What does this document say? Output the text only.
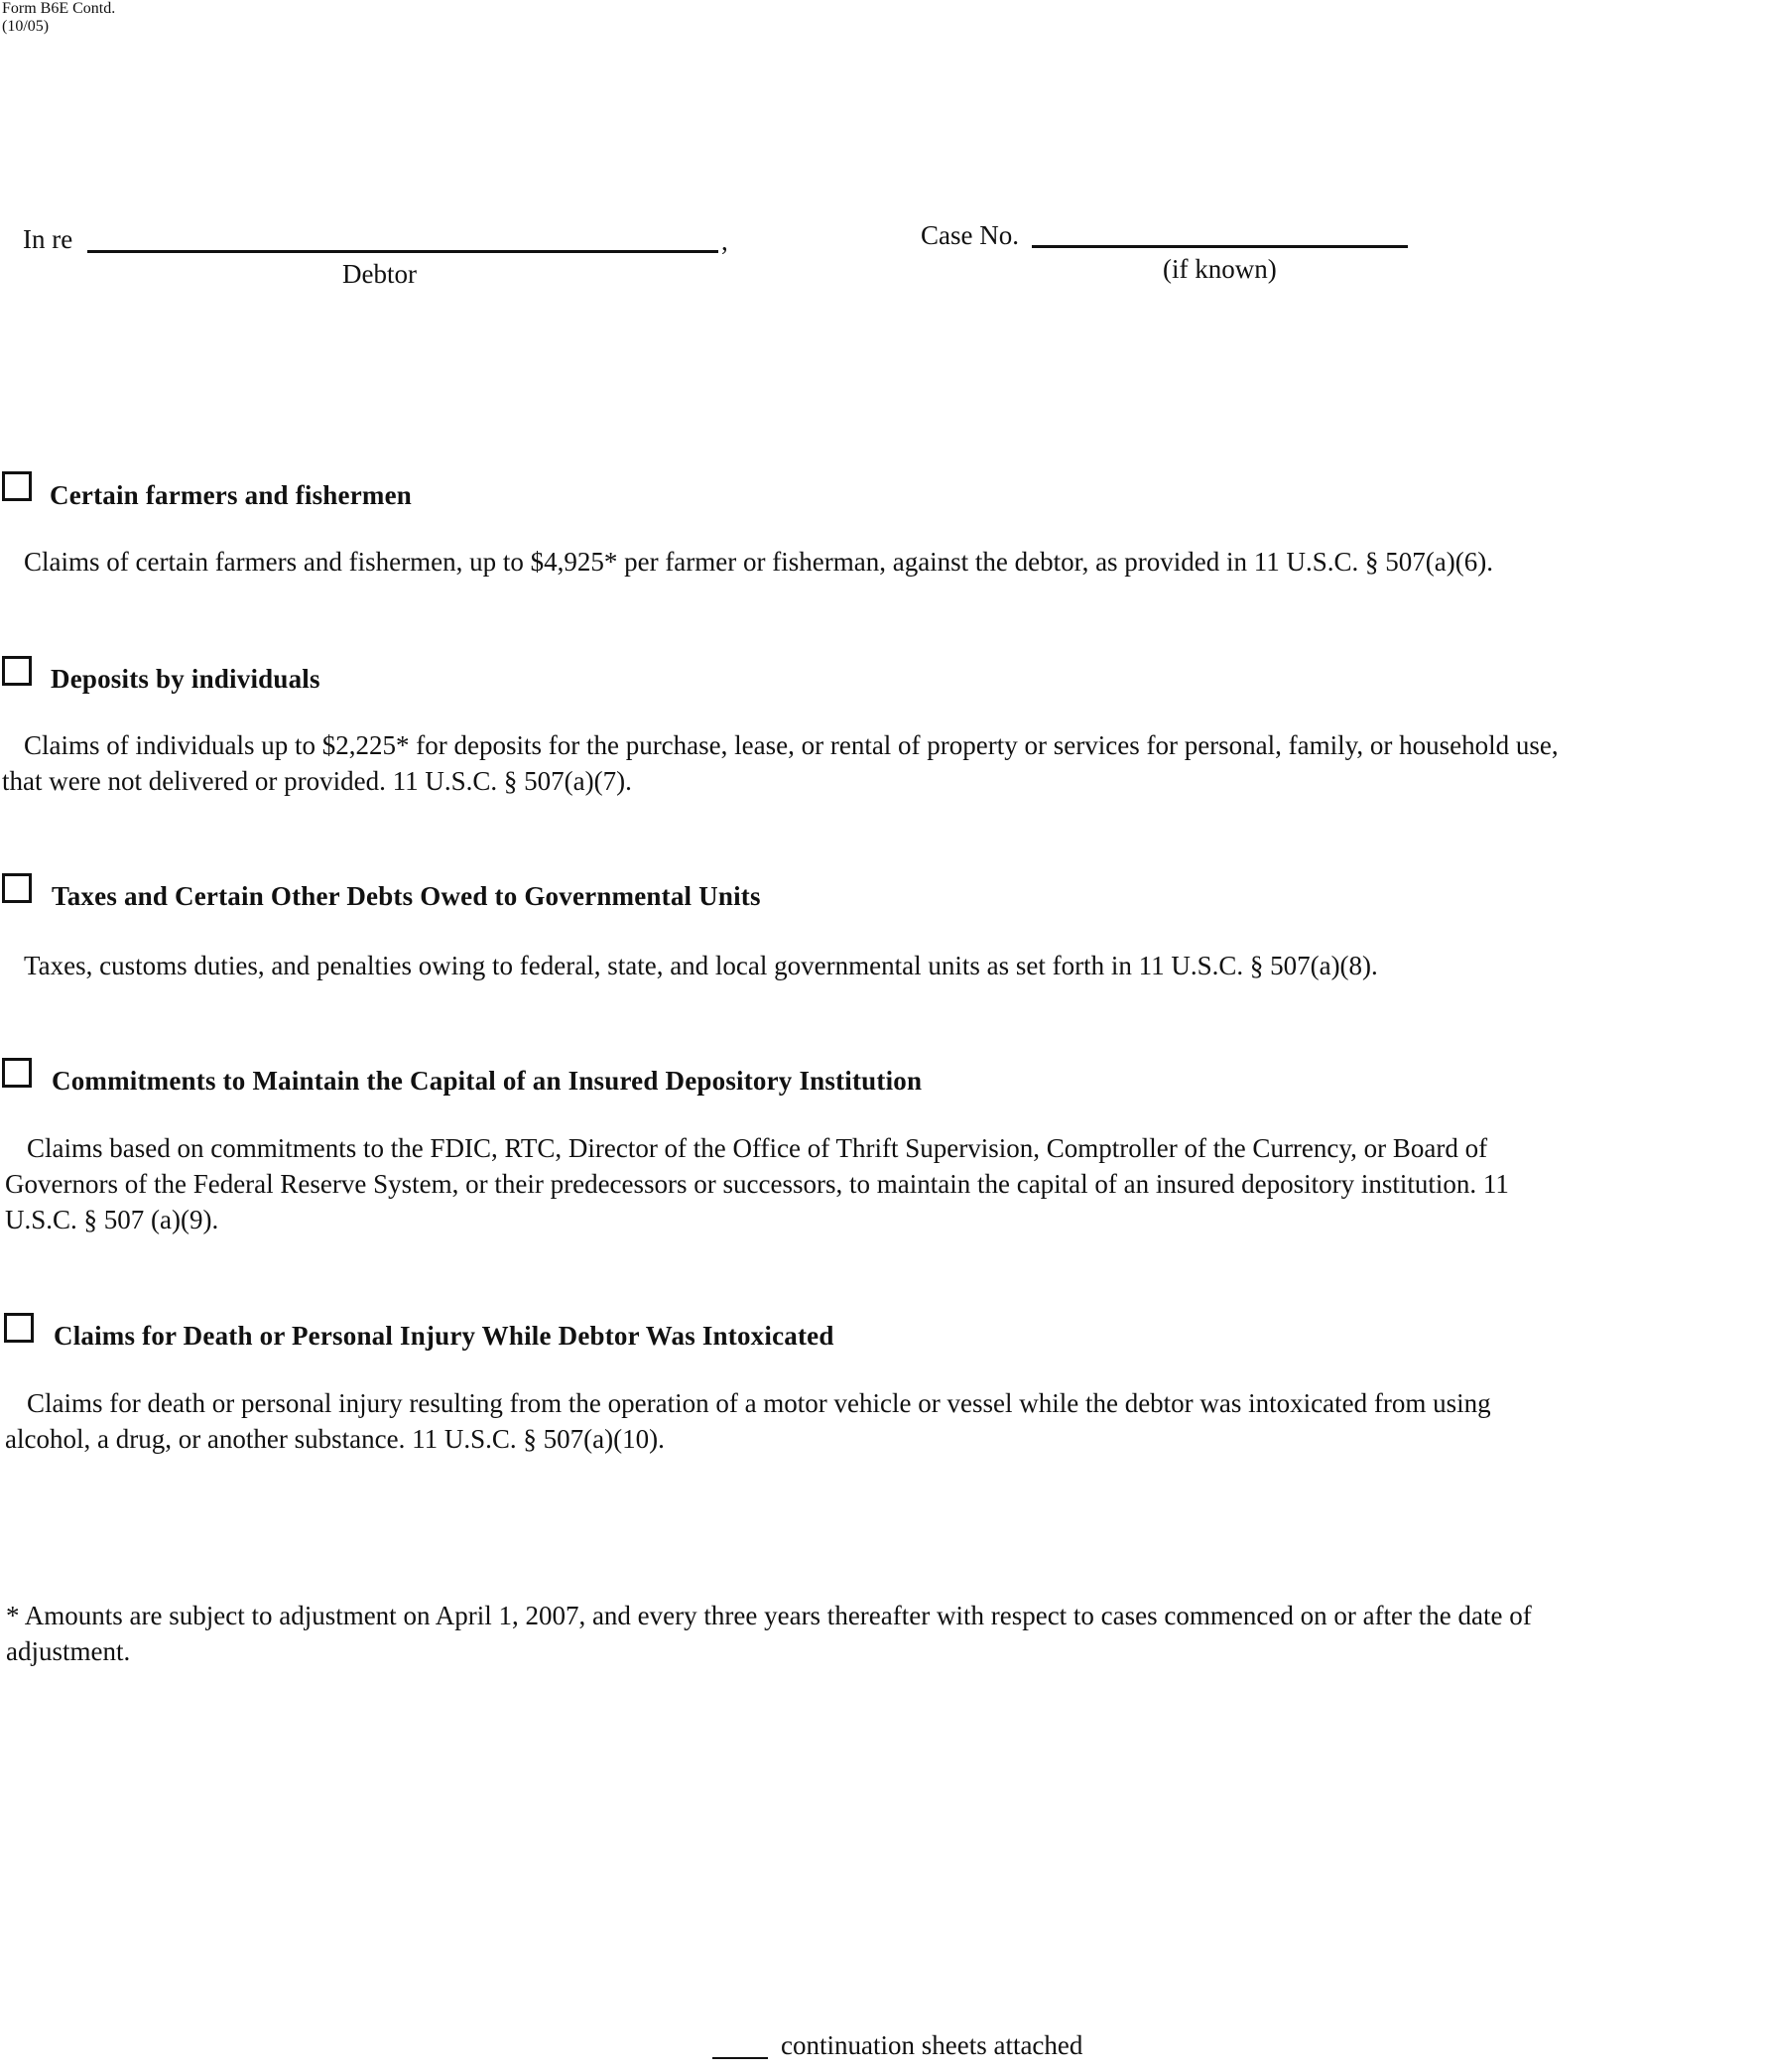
Form B6E Contd.
(10/05)
In re	,
Debtor
Case No.
(if known)
Certain farmers and fishermen

Claims of certain farmers and fishermen, up to $4,925* per farmer or fisherman, against the debtor, as provided in 11 U.S.C. § 507(a)(6).

Deposits by individuals

Claims of individuals up to $2,225* for deposits for the purchase, lease, or rental of property or services for personal, family, or household use,

that were not delivered or provided. 11 U.S.C. § 507(a)(7).

Taxes and Certain Other Debts Owed to Governmental Units

Taxes, customs duties, and penalties owing to federal, state, and local governmental units as set forth in 11 U.S.C. § 507(a)(8).

Commitments to Maintain the Capital of an Insured Depository Institution

Claims based on commitments to the FDIC, RTC, Director of the Office of Thrift Supervision, Comptroller of the Currency, or Board of

Governors of the Federal Reserve System, or their predecessors or successors, to maintain the capital of an insured depository institution. 11

U.S.C. § 507 (a)(9).

Claims for Death or Personal Injury While Debtor Was Intoxicated

Claims for death or personal injury resulting from the operation of a motor vehicle or vessel while the debtor was intoxicated from using

alcohol, a drug, or another substance. 11 U.S.C. § 507(a)(10).

* Amounts are subject to adjustment on April 1, 2007, and every three years thereafter with respect to cases commenced on or after the date of

adjustment.

continuation sheets attached
